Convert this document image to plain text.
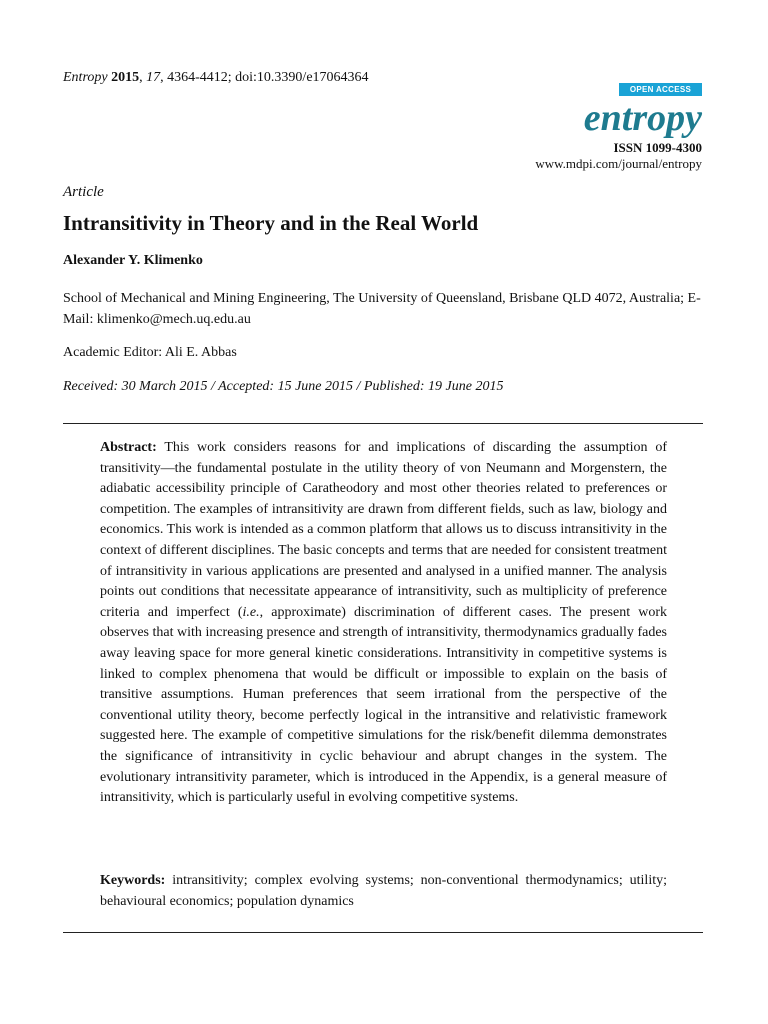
Entropy 2015, 17, 4364-4412; doi:10.3390/e17064364
OPEN ACCESS
entropy
ISSN 1099-4300
www.mdpi.com/journal/entropy
Article
Intransitivity in Theory and in the Real World
Alexander Y. Klimenko
School of Mechanical and Mining Engineering, The University of Queensland, Brisbane QLD 4072, Australia; E-Mail: klimenko@mech.uq.edu.au
Academic Editor: Ali E. Abbas
Received: 30 March 2015 / Accepted: 15 June 2015 / Published: 19 June 2015
Abstract: This work considers reasons for and implications of discarding the assumption of transitivity—the fundamental postulate in the utility theory of von Neumann and Morgenstern, the adiabatic accessibility principle of Caratheodory and most other theories related to preferences or competition. The examples of intransitivity are drawn from different fields, such as law, biology and economics. This work is intended as a common platform that allows us to discuss intransitivity in the context of different disciplines. The basic concepts and terms that are needed for consistent treatment of intransitivity in various applications are presented and analysed in a unified manner. The analysis points out conditions that necessitate appearance of intransitivity, such as multiplicity of preference criteria and imperfect (i.e., approximate) discrimination of different cases. The present work observes that with increasing presence and strength of intransitivity, thermodynamics gradually fades away leaving space for more general kinetic considerations. Intransitivity in competitive systems is linked to complex phenomena that would be difficult or impossible to explain on the basis of transitive assumptions. Human preferences that seem irrational from the perspective of the conventional utility theory, become perfectly logical in the intransitive and relativistic framework suggested here. The example of competitive simulations for the risk/benefit dilemma demonstrates the significance of intransitivity in cyclic behaviour and abrupt changes in the system. The evolutionary intransitivity parameter, which is introduced in the Appendix, is a general measure of intransitivity, which is particularly useful in evolving competitive systems.
Keywords: intransitivity; complex evolving systems; non-conventional thermodynamics; utility; behavioural economics; population dynamics
